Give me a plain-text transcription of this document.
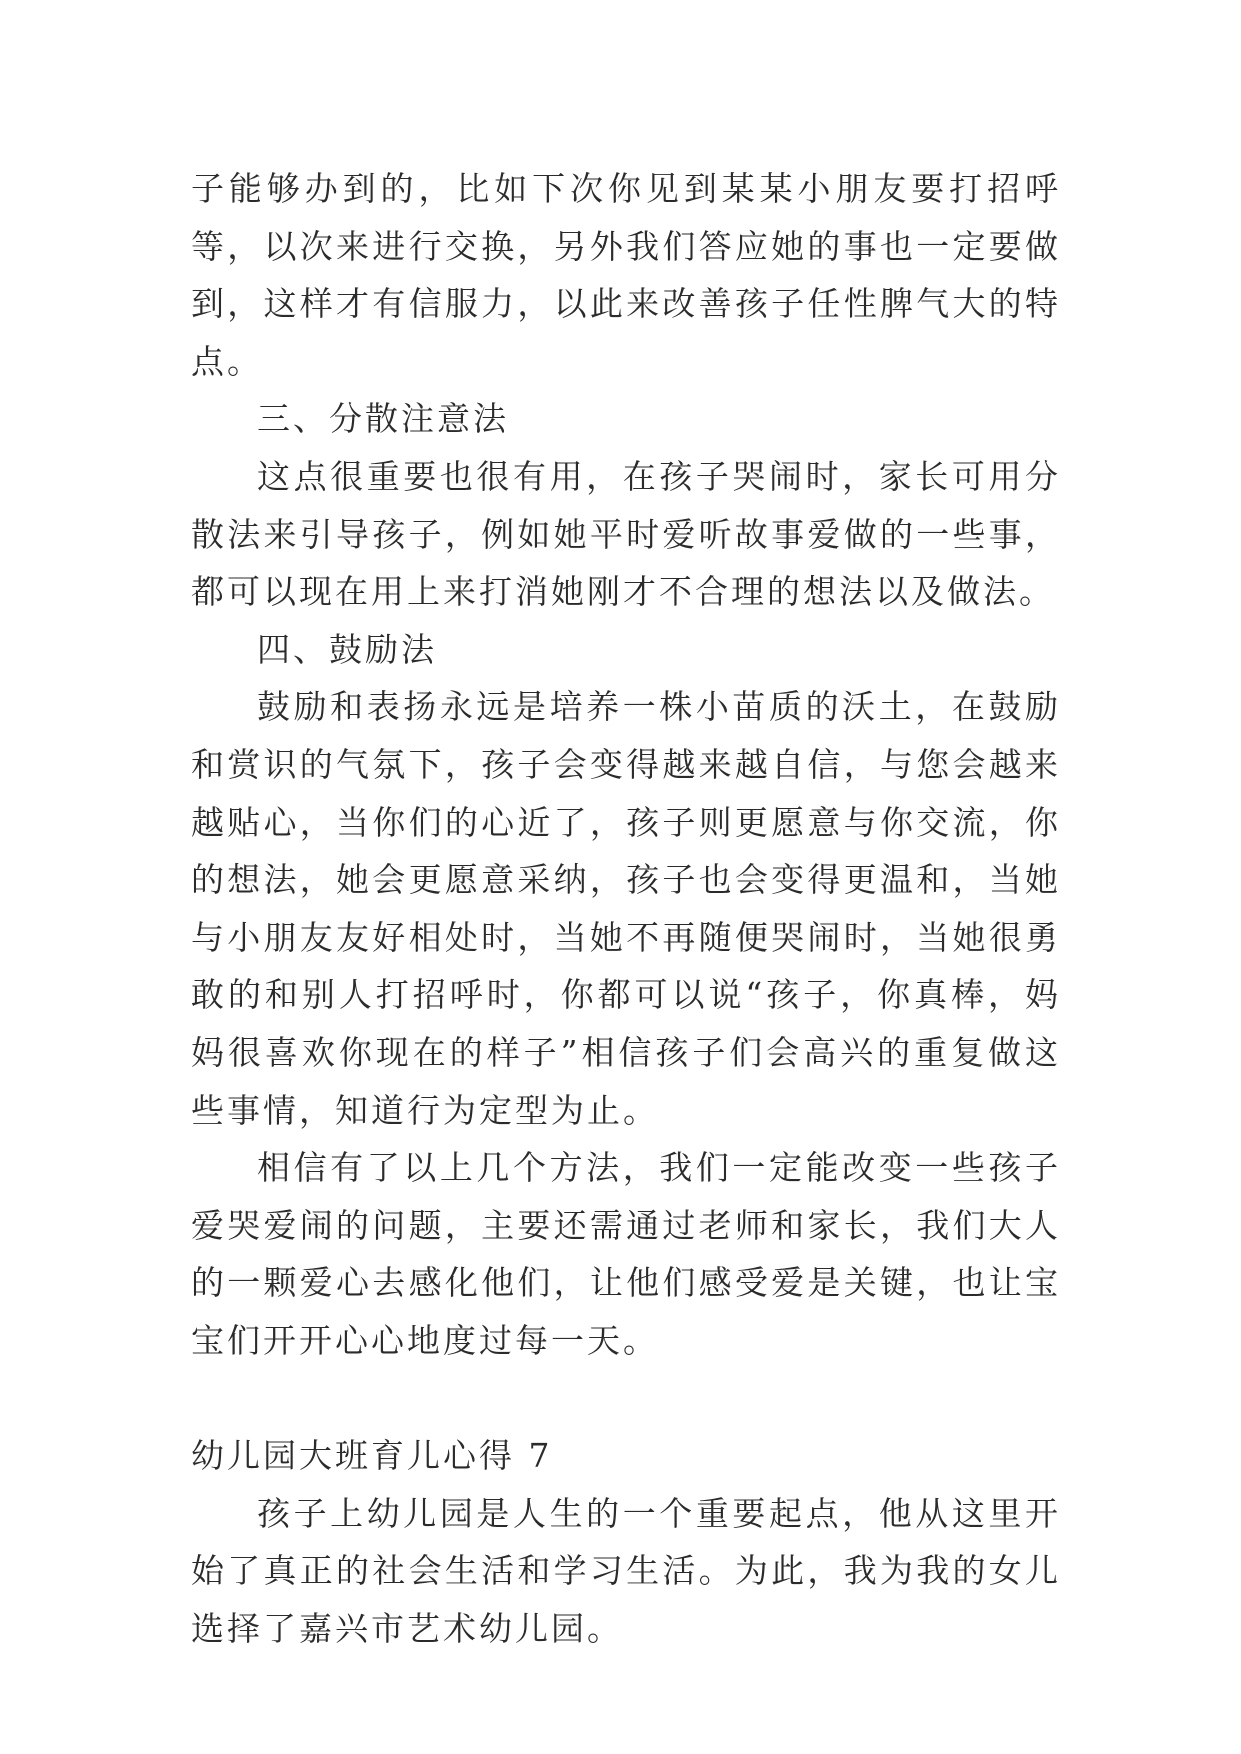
子能够办到的，比如下次你见到某某小朋友要打招呼等，以次来进行交换，另外我们答应她的事也一定要做到，这样才有信服力，以此来改善孩子任性脾气大的特点。

三、分散注意法

这点很重要也很有用，在孩子哭闹时，家长可用分散法来引导孩子，例如她平时爱听故事爱做的一些事，都可以现在用上来打消她刚才不合理的想法以及做法。

四、鼓励法

鼓励和表扬永远是培养一株小苗质的沃土，在鼓励和赏识的气氛下，孩子会变得越来越自信，与您会越来越贴心，当你们的心近了，孩子则更愿意与你交流，你的想法，她会更愿意采纳，孩子也会变得更温和，当她与小朋友友好相处时，当她不再随便哭闹时，当她很勇敢的和别人打招呼时，你都可以说“孩子，你真棒，妈妈很喜欢你现在的样子”相信孩子们会高兴的重复做这些事情，知道行为定型为止。

相信有了以上几个方法，我们一定能改变一些孩子爱哭爱闹的问题，主要还需通过老师和家长，我们大人的一颗爱心去感化他们，让他们感受爱是关键，也让宝宝们开开心心地度过每一天。

幼儿园大班育儿心得 7

孩子上幼儿园是人生的一个重要起点，他从这里开始了真正的社会生活和学习生活。为此，我为我的女儿选择了嘉兴市艺术幼儿园。
